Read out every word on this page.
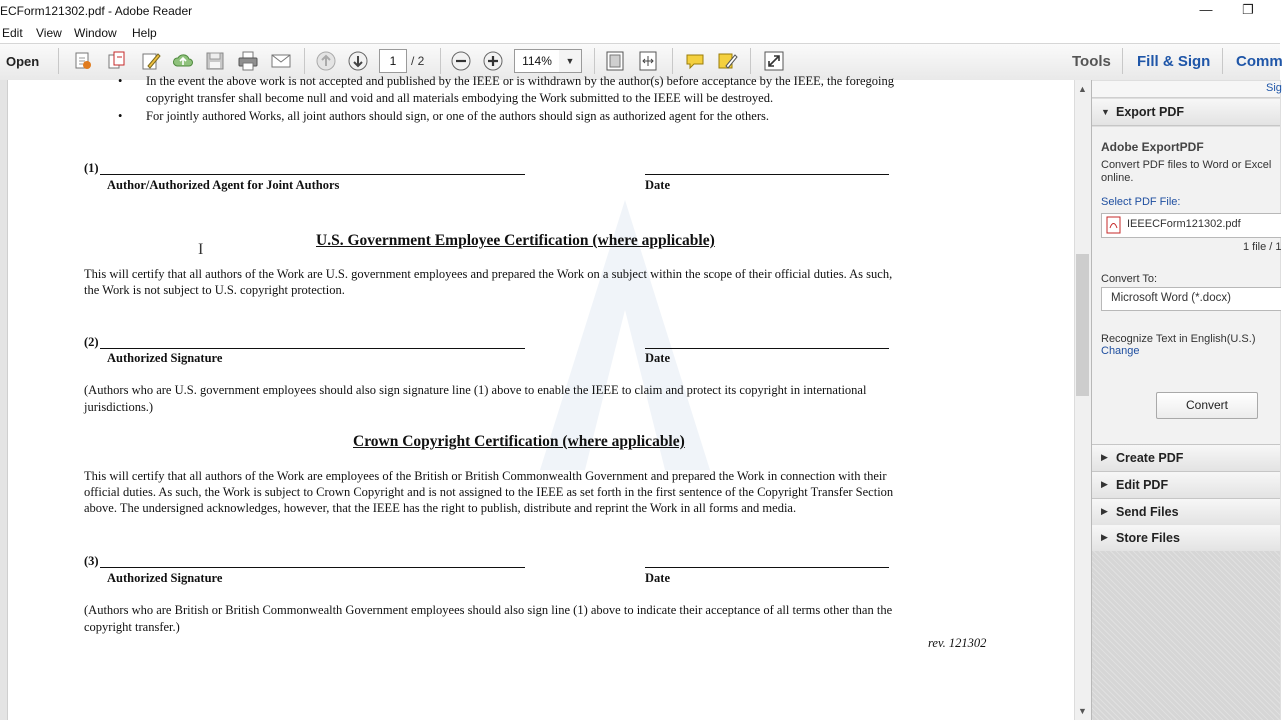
ECForm121302.pdf - Adobe Reader	—	❐
Edit View Window Help
Open	1	/ 2	114%	▼	Tools Fill & Sign Comm
• In the event the above work is not accepted and published by the IEEE or is withdrawn by the author(s) before acceptance by the IEEE, the foregoing
copyright transfer shall become null and void and all materials embodying the Work submitted to the IEEE will be destroyed.
• For jointly authored Works, all joint authors should sign, or one of the authors should sign as authorized agent for the others.
(1)
Author/Authorized Agent for Joint Authors	Date
U.S. Government Employee Certification (where applicable)
This will certify that all authors of the Work are U.S. government employees and prepared the Work on a subject within the scope of their official duties. As such,
the Work is not subject to U.S. copyright protection.
(2)
Authorized Signature	Date
(Authors who are U.S. government employees should also sign signature line (1) above to enable the IEEE to claim and protect its copyright in international
jurisdictions.)
Crown Copyright Certification (where applicable)
This will certify that all authors of the Work are employees of the British or British Commonwealth Government and prepared the Work in connection with their
official duties. As such, the Work is subject to Crown Copyright and is not assigned to the IEEE as set forth in the first sentence of the Copyright Transfer Section
above. The undersigned acknowledges, however, that the IEEE has the right to publish, distribute and reprint the Work in all forms and media.
(3)
Authorized Signature	Date
(Authors who are British or British Commonwealth Government employees should also sign line (1) above to indicate their acceptance of all terms other than the
copyright transfer.)
rev. 121302
I
▲
▼
Sig
▼ Export PDF
Adobe ExportPDF
Convert PDF files to Word or Excel
online.
Select PDF File:
IEEECForm121302.pdf
1 file / 1
Convert To:
Microsoft Word (*.docx)
Recognize Text in English(U.S.)
Change
Convert
▶ Create PDF
▶ Edit PDF
▶ Send Files
▶ Store Files
